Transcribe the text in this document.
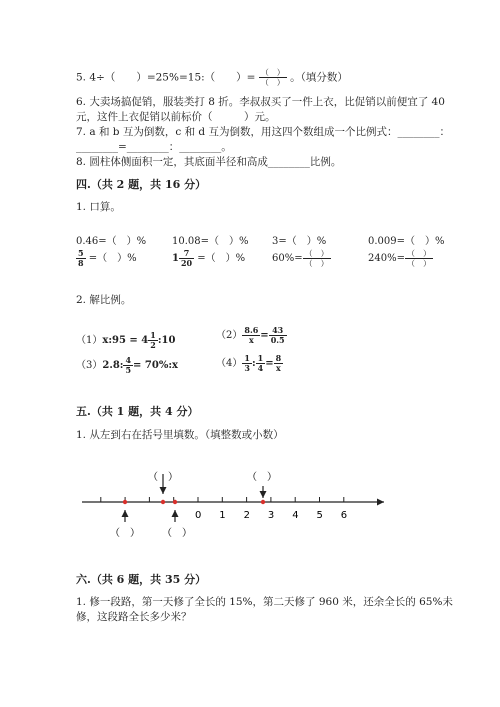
5. 4÷（　　）=25%=15:（　　）= $\frac{( )}{( )}$ 。（填分数）
6. 大卖场搞促销，服装类打 8 折。李叔叔买了一件上衣，比促销以前便宜了 40
元，这件上衣促销以前标价（　　　）元。
7. a 和 b 互为倒数，c 和 d 互为倒数，用这四个数组成一个比例式：________：
________=________：________。
8. 圆柱体侧面积一定，其底面半径和高成________比例。
四.（共 2 题，共 16 分）
1. 口算。
0.46=（　）%	10.08=（　）% 3=（　）%	0.009=（　）%
$\frac{5}{8}$ =（　）%	$1 \frac{7}{20}$ =（　）%	$60\%= \frac{( )}{( )}$	$240\%= \frac{( )}{( )}$
2. 解比例。
（1）x:95 = $4 \frac{1}{2}$ :10	$(2) \frac{8.6}{x} = \frac{43}{0.5}$
（3）2.8: $\frac{4}{5}$ = 70%:x	$(4) \frac{1}{3}$ : $\frac{1}{4} = \frac{8}{x}$
五.（共 1 题，共 4 分）
1. 从左到右在括号里填数。（填整数或小数）
0 1 2 3 4 5 6
（　）	（　）
（　） （　）
六.（共 6 题，共 35 分）
1. 修一段路，第一天修了全长的 15%，第二天修了 960 米，还余全长的 65%未
修，这段路全长多少米？
